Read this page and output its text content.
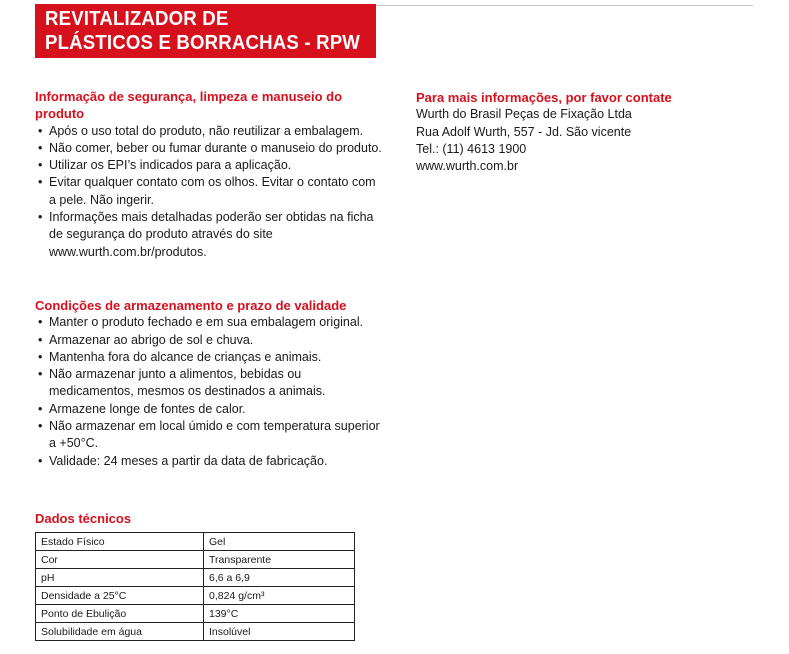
REVITALIZADOR DE
PLÁSTICOS E BORRACHAS - RPW
Informação de segurança, limpeza e manuseio do produto
• Após o uso total do produto, não reutilizar a embalagem.
• Não comer, beber ou fumar durante o manuseio do produto.
• Utilizar os EPI’s indicados para a aplicação.
• Evitar qualquer contato com os olhos. Evitar o contato com a pele. Não ingerir.
• Informações mais detalhadas poderão ser obtidas na ficha de segurança do produto através do site www.wurth.com.br/produtos.
Condições de armazenamento e prazo de validade
• Manter o produto fechado e em sua embalagem original.
• Armazenar ao abrigo de sol e chuva.
• Mantenha fora do alcance de crianças e animais.
• Não armazenar junto a alimentos, bebidas ou medicamentos, mesmos os destinados a animais.
• Armazene longe de fontes de calor.
• Não armazenar em local úmido e com temperatura superior a +50°C.
• Validade: 24 meses a partir da data de fabricação.
Dados técnicos
Estado Físico	Gel
Cor	Transparente
pH	6,6 a 6,9
Densidade a 25°C	0,824 g/cm³
Ponto de Ebulição	139°C
Solubilidade em água	Insolúvel
Para mais informações, por favor contate

Wurth do Brasil Peças de Fixação Ltda

Rua Adolf Wurth, 557 - Jd. São vicente

Tel.: (11) 4613 1900

www.wurth.com.br
